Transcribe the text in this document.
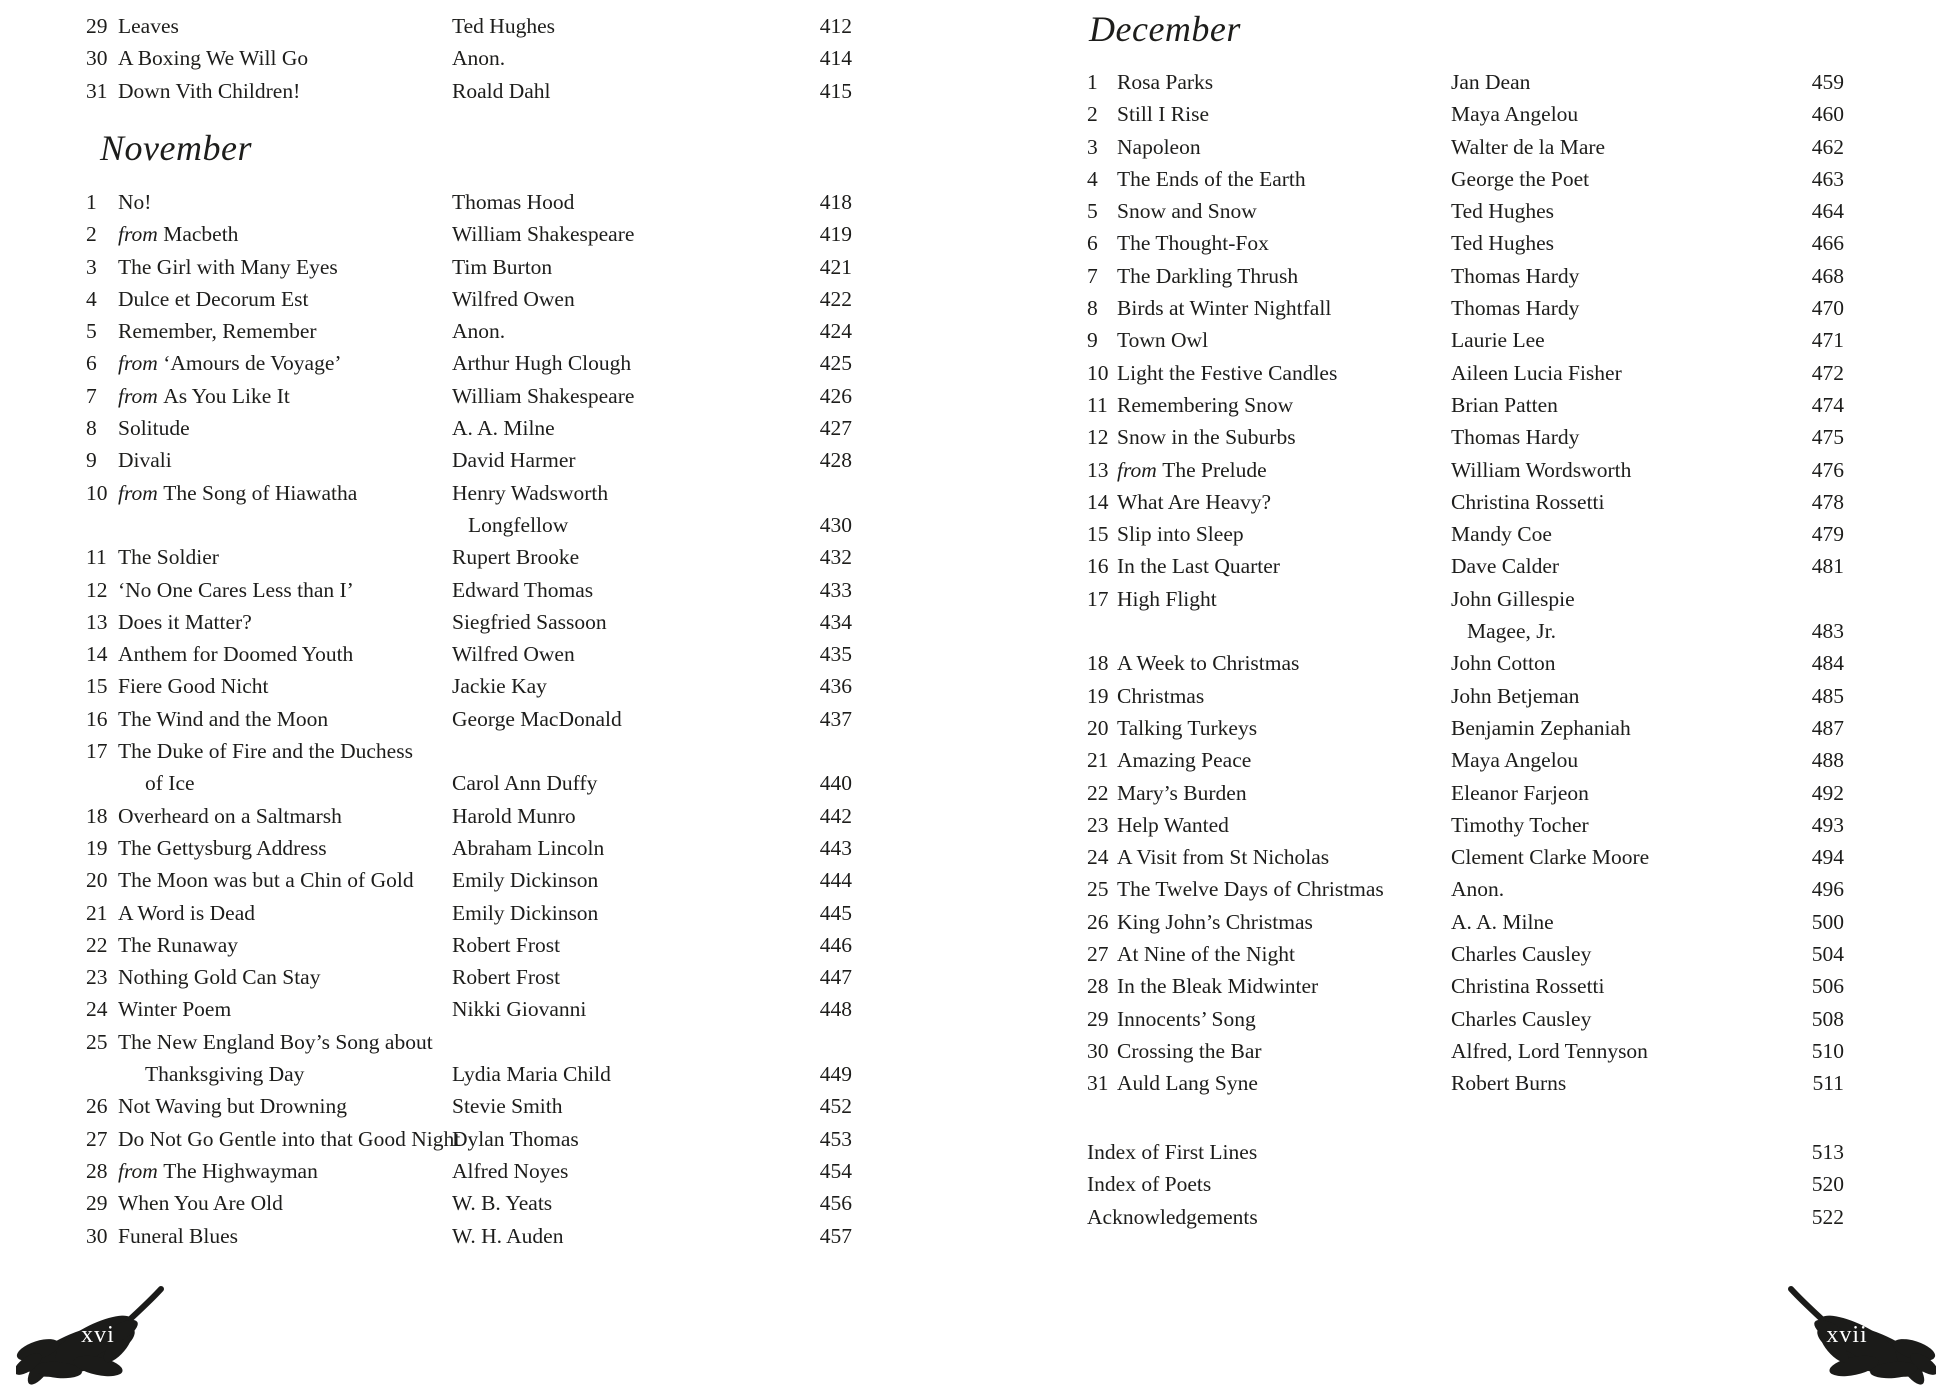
29 Leaves	Ted Hughes	412
30 A Boxing We Will Go	Anon.	414
31 Down Vith Children!	Roald Dahl	415
November
1 No!	Thomas Hood	418
2 from Macbeth	William Shakespeare	419
3 The Girl with Many Eyes	Tim Burton	421
4 Dulce et Decorum Est	Wilfred Owen	422
5 Remember, Remember	Anon.	424
6 from ‘Amours de Voyage’	Arthur Hugh Clough	425
7 from As You Like It	William Shakespeare	426
8 Solitude	A. A. Milne	427
9 Divali	David Harmer	428
10 from The Song of Hiawatha	Henry Wadsworth
Longfellow	430
11 The Soldier	Rupert Brooke	432
12 ‘No One Cares Less than I’	Edward Thomas	433
13 Does it Matter?	Siegfried Sassoon	434
14 Anthem for Doomed Youth	Wilfred Owen	435
15 Fiere Good Nicht	Jackie Kay	436
16 The Wind and the Moon	George MacDonald	437
17 The Duke of Fire and the Duchess
of Ice	Carol Ann Duffy	440
18 Overheard on a Saltmarsh	Harold Munro	442
19 The Gettysburg Address	Abraham Lincoln	443
20 The Moon was but a Chin of Gold	Emily Dickinson	444
21 A Word is Dead	Emily Dickinson	445
22 The Runaway	Robert Frost	446
23 Nothing Gold Can Stay	Robert Frost	447
24 Winter Poem	Nikki Giovanni	448
25 The New England Boy’s Song about
Thanksgiving Day	Lydia Maria Child	449
26 Not Waving but Drowning	Stevie Smith	452
27 Do Not Go Gentle into that Good Night
Dylan Thomas	453
28 from The Highwayman	Alfred Noyes	454
29 When You Are Old	W. B. Yeats	456
30 Funeral Blues	W. H. Auden	457
December
1 Rosa Parks	Jan Dean	459
2 Still I Rise	Maya Angelou	460
3 Napoleon	Walter de la Mare	462
4 The Ends of the Earth	George the Poet	463
5 Snow and Snow	Ted Hughes	464
6 The Thought-Fox	Ted Hughes	466
7 The Darkling Thrush	Thomas Hardy	468
8 Birds at Winter Nightfall	Thomas Hardy	470
9 Town Owl	Laurie Lee	471
10 Light the Festive Candles	Aileen Lucia Fisher	472
11 Remembering Snow	Brian Patten	474
12 Snow in the Suburbs	Thomas Hardy	475
13 from The Prelude	William Wordsworth	476
14 What Are Heavy?	Christina Rossetti	478
15 Slip into Sleep	Mandy Coe	479
16 In the Last Quarter	Dave Calder	481
17 High Flight	John Gillespie
Magee, Jr.	483
18 A Week to Christmas	John Cotton	484
19 Christmas	John Betjeman	485
20 Talking Turkeys	Benjamin Zephaniah	487
21 Amazing Peace	Maya Angelou	488
22 Mary’s Burden	Eleanor Farjeon	492
23 Help Wanted	Timothy Tocher	493
24 A Visit from St Nicholas	Clement Clarke Moore	494
25 The Twelve Days of Christmas	Anon.	496
26 King John’s Christmas	A. A. Milne	500
27 At Nine of the Night	Charles Causley	504
28 In the Bleak Midwinter	Christina Rossetti	506
29 Innocents’ Song	Charles Causley	508
30 Crossing the Bar	Alfred, Lord Tennyson	510
31 Auld Lang Syne	Robert Burns	511
Index of First Lines	513
Index of Poets	520
Acknowledgements	522
xvi	xvii
